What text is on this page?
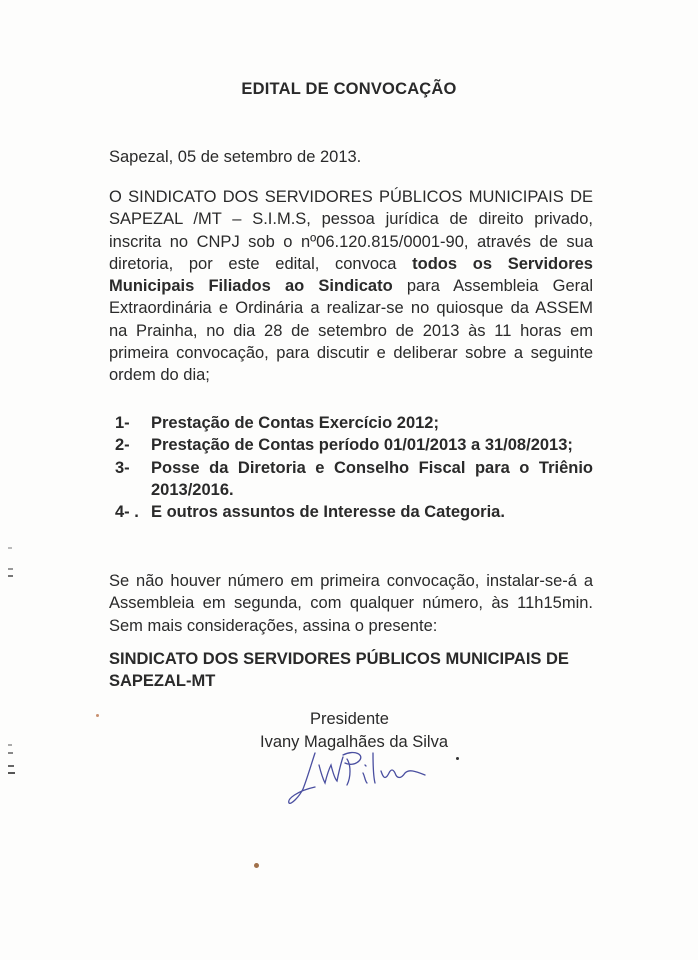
EDITAL DE CONVOCAÇÃO
Sapezal, 05 de setembro de 2013.
O SINDICATO DOS SERVIDORES PÚBLICOS MUNICIPAIS DE SAPEZAL /MT – S.I.M.S, pessoa jurídica de direito privado, inscrita no CNPJ sob o nº06.120.815/0001-90, através de sua diretoria, por este edital, convoca todos os Servidores Municipais Filiados ao Sindicato para Assembleia Geral Extraordinária e Ordinária a realizar-se no quiosque da ASSEM na Prainha, no dia 28 de setembro de 2013 às 11 horas em primeira convocação, para discutir e deliberar sobre a seguinte ordem do dia;
1-	Prestação de Contas Exercício 2012;
2-	Prestação de Contas período 01/01/2013 a 31/08/2013;
3-	Posse da Diretoria e Conselho Fiscal para o Triênio 2013/2016.
4- . E outros assuntos de Interesse da Categoria.
Se não houver número em primeira convocação, instalar-se-á a Assembleia em segunda, com qualquer número, às 11h15min. Sem mais considerações, assina o presente:
SINDICATO DOS SERVIDORES PÚBLICOS MUNICIPAIS DE SAPEZAL-MT
Presidente
Ivany Magalhães da Silva
